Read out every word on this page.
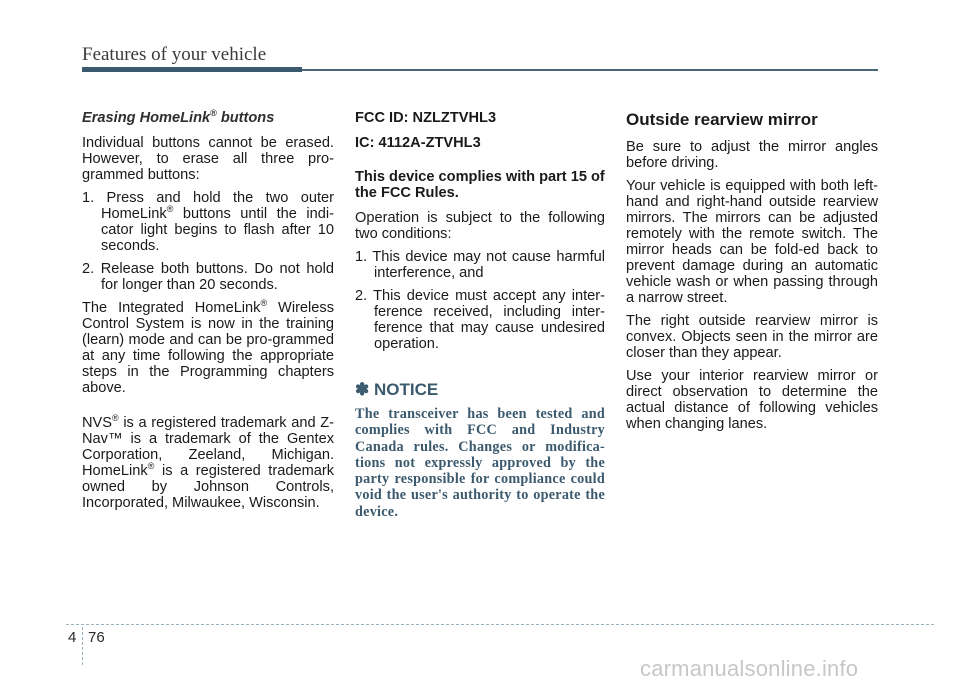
Features of your vehicle
Erasing HomeLink® buttons

Individual buttons cannot be erased. However, to erase all three pro-grammed buttons:

1. Press and hold the two outer HomeLink® buttons until the indi-cator light begins to flash after 10 seconds.

2. Release both buttons. Do not hold for longer than 20 seconds.

The Integrated HomeLink® Wireless Control System is now in the training (learn) mode and can be pro-grammed at any time following the appropriate steps in the Programming chapters above.

NVS® is a registered trademark and Z-Nav™ is a trademark of the Gentex Corporation, Zeeland, Michigan. HomeLink® is a registered trademark owned by Johnson Controls, Incorporated, Milwaukee, Wisconsin.

FCC ID: NZLZTVHL3

IC: 4112A-ZTVHL3

This device complies with part 15 of the FCC Rules.

Operation is subject to the following two conditions:

1. This device may not cause harmful interference, and

2. This device must accept any inter-ference received, including inter-ference that may cause undesired operation.

✽ NOTICE
The transceiver has been tested and complies with FCC and Industry Canada rules. Changes or modifica-tions not expressly approved by the party responsible for compliance could void the user's authority to operate the device.
Outside rearview mirror

Be sure to adjust the mirror angles before driving.

Your vehicle is equipped with both left-hand and right-hand outside rearview mirrors. The mirrors can be adjusted remotely with the remote switch. The mirror heads can be fold-ed back to prevent damage during an automatic vehicle wash or when passing through a narrow street.

The right outside rearview mirror is convex. Objects seen in the mirror are closer than they appear.

Use your interior rearview mirror or direct observation to determine the actual distance of following vehicles when changing lanes.

4 76
carmanualsonline.info
